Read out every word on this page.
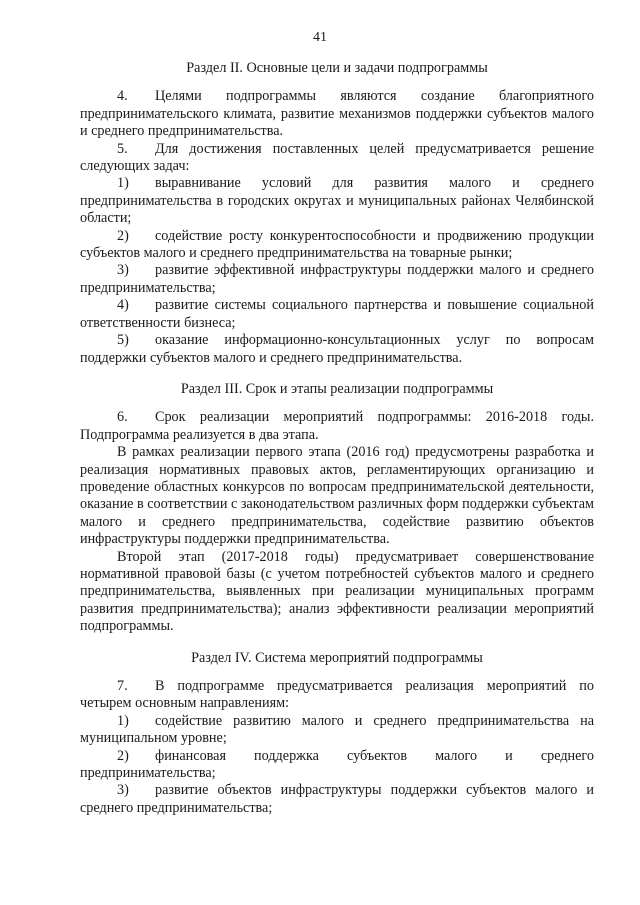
41
Раздел II. Основные цели и задачи подпрограммы

4. Целями подпрограммы являются создание благоприятного предпринимательского климата, развитие механизмов поддержки субъектов малого и среднего предпринимательства.

5. Для достижения поставленных целей предусматривается решение следующих задач:

1) выравнивание условий для развития малого и среднего предпринимательства в городских округах и муниципальных районах Челябинской области;

2) содействие росту конкурентоспособности и продвижению продукции субъектов малого и среднего предпринимательства на товарные рынки;

3) развитие эффективной инфраструктуры поддержки малого и среднего предпринимательства;

4) развитие системы социального партнерства и повышение социальной ответственности бизнеса;

5) оказание информационно-консультационных услуг по вопросам поддержки субъектов малого и среднего предпринимательства.

Раздел III. Срок и этапы реализации подпрограммы

6. Срок реализации мероприятий подпрограммы: 2016-2018 годы. Подпрограмма реализуется в два этапа.

В рамках реализации первого этапа (2016 год) предусмотрены разработка и реализация нормативных правовых актов, регламентирующих организацию и проведение областных конкурсов по вопросам предпринимательской деятельности, оказание в соответствии с законодательством различных форм поддержки субъектам малого и среднего предпринимательства, содействие развитию объектов инфраструктуры поддержки предпринимательства.

Второй этап (2017-2018 годы) предусматривает совершенствование нормативной правовой базы (с учетом потребностей субъектов малого и среднего предпринимательства, выявленных при реализации муниципальных программ развития предпринимательства); анализ эффективности реализации мероприятий подпрограммы.

Раздел IV. Система мероприятий подпрограммы

7. В подпрограмме предусматривается реализация мероприятий по четырем основным направлениям:

1) содействие развитию малого и среднего предпринимательства на муниципальном уровне;

2) финансовая поддержка субъектов малого и среднего предпринимательства;

3) развитие объектов инфраструктуры поддержки субъектов малого и среднего предпринимательства;
